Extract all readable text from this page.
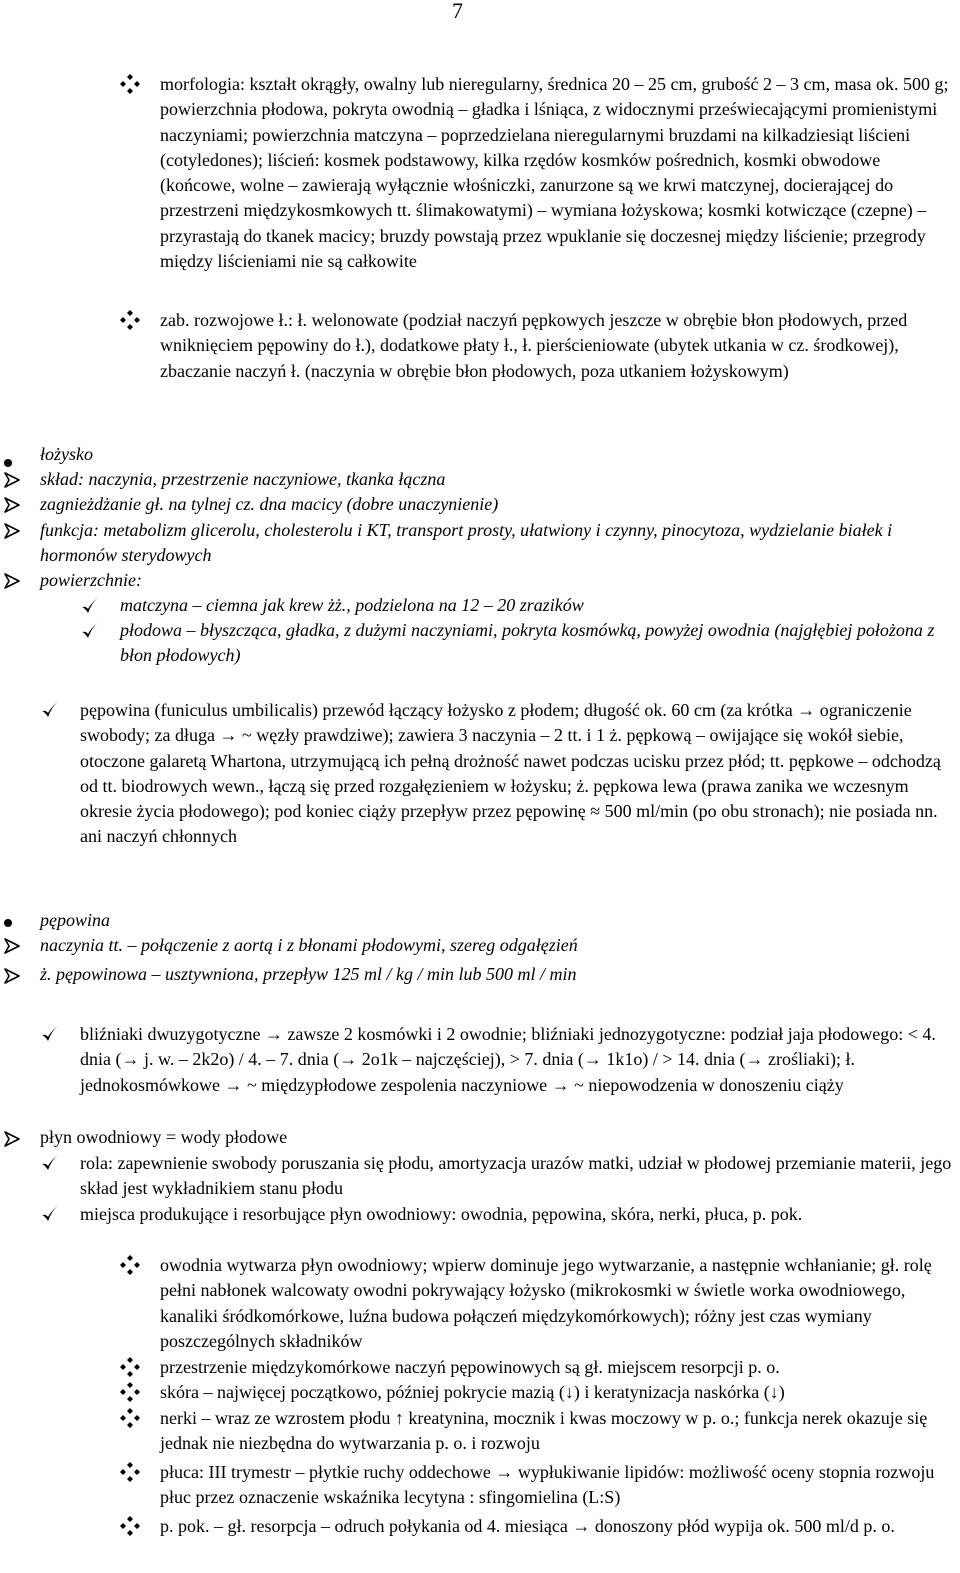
7
morfologia: kształt okrągły, owalny lub nieregularny, średnica 20 – 25 cm, grubość 2 – 3 cm, masa ok. 500 g; powierzchnia płodowa, pokryta owodnią – gładka i lśniąca, z widocznymi przeświecającymi promienistymi naczyniami; powierzchnia matczyna – poprzedzielana nieregularnymi bruzdami na kilkadziesiąt liścieni (cotyledones); liścień: kosmek podstawowy, kilka rzędów kosmków pośrednich, kosmki obwodowe (końcowe, wolne – zawierają wyłącznie włośniczki, zanurzone są we krwi matczynej, docierającej do przestrzeni międzykosmkowych tt. ślimakowatymi) – wymiana łożyskowa; kosmki kotwiczące (czepne) – przyrastają do tkanek macicy; bruzdy powstają przez wpuklanie się doczesnej między liścienie; przegrody między liścieniami nie są całkowite
zab. rozwojowe ł.: ł. welonowate (podział naczyń pępkowych jeszcze w obrębie błon płodowych, przed wniknięciem pępowiny do ł.), dodatkowe płaty ł., ł. pierścieniowate (ubytek utkania w cz. środkowej), zbaczanie naczyń ł. (naczynia w obrębie błon płodowych, poza utkaniem łożyskowym)
łożysko
skład: naczynia, przestrzenie naczyniowe, tkanka łączna
zagnieżdżanie gł. na tylnej cz. dna macicy (dobre unaczynienie)
funkcja: metabolizm glicerolu, cholesterolu i KT, transport prosty, ułatwiony i czynny, pinocytoza, wydzielanie białek i hormonów sterydowych
powierzchnie:
matczyna – ciemna jak krew żż., podzielona na 12 – 20 zrazików
płodowa – błyszcząca, gładka, z dużymi naczyniami, pokryta kosmówką, powyżej owodnia (najgłębiej położona z błon płodowych)
pępowina (funiculus umbilicalis) przewód łączący łożysko z płodem; długość ok. 60 cm (za krótka → ograniczenie swobody; za długa → ~ węzły prawdziwe); zawiera 3 naczynia – 2 tt. i 1 ż. pępkową – owijające się wokół siebie, otoczone galaretą Whartona, utrzymującą ich pełną drożność nawet podczas ucisku przez płód; tt. pępkowe – odchodzą od tt. biodrowych wewn., łączą się przed rozgałęzieniem w łożysku; ż. pępkowa lewa (prawa zanika we wczesnym okresie życia płodowego); pod koniec ciąży przepływ przez pępowinę ≈ 500 ml/min (po obu stronach); nie posiada nn. ani naczyń chłonnych
pępowina
naczynia tt. – połączenie z aortą i z błonami płodowymi, szereg odgałęzień
ż. pępowinowa – usztywniona, przepływ 125 ml / kg / min lub 500 ml / min
bliźniaki dwuzygotyczne → zawsze 2 kosmówki i 2 owodnie; bliźniaki jednozygotyczne: podział jaja płodowego: < 4. dnia (→ j. w. – 2k2o) / 4. – 7. dnia (→ 2o1k – najczęściej), > 7. dnia (→ 1k1o) / > 14. dnia (→ zrośliaki); ł. jednokosmówkowe → ~ międzypłodowe zespolenia naczyniowe → ~ niepowodzenia w donoszeniu ciąży
płyn owodniowy = wody płodowe
rola: zapewnienie swobody poruszania się płodu, amortyzacja urazów matki, udział w płodowej przemianie materii, jego skład jest wykładnikiem stanu płodu
miejsca produkujące i resorbujące płyn owodniowy: owodnia, pępowina, skóra, nerki, płuca, p. pok.
owodnia wytwarza płyn owodniowy; wpierw dominuje jego wytwarzanie, a następnie wchłanianie; gł. rolę pełni nabłonek walcowaty owodni pokrywający łożysko (mikrokosmki w świetle worka owodniowego, kanaliki śródkomórkowe, luźna budowa połączeń międzykomórkowych); różny jest czas wymiany poszczególnych składników
przestrzenie międzykomórkowe naczyń pępowinowych są gł. miejscem resorpcji p. o.
skóra – najwięcej początkowo, później pokrycie mazią (↓) i keratynizacja naskórka (↓)
nerki – wraz ze wzrostem płodu ↑ kreatynina, mocznik i kwas moczowy w p. o.; funkcja nerek okazuje się jednak nie niezbędna do wytwarzania p. o. i rozwoju
płuca: III trymestr – płytkie ruchy oddechowe → wypłukiwanie lipidów: możliwość oceny stopnia rozwoju płuc przez oznaczenie wskaźnika lecytyna : sfingomielina (L:S)
p. pok. – gł. resorpcja – odruch połykania od 4. miesiąca → donoszony płód wypija ok. 500 ml/d p. o.
